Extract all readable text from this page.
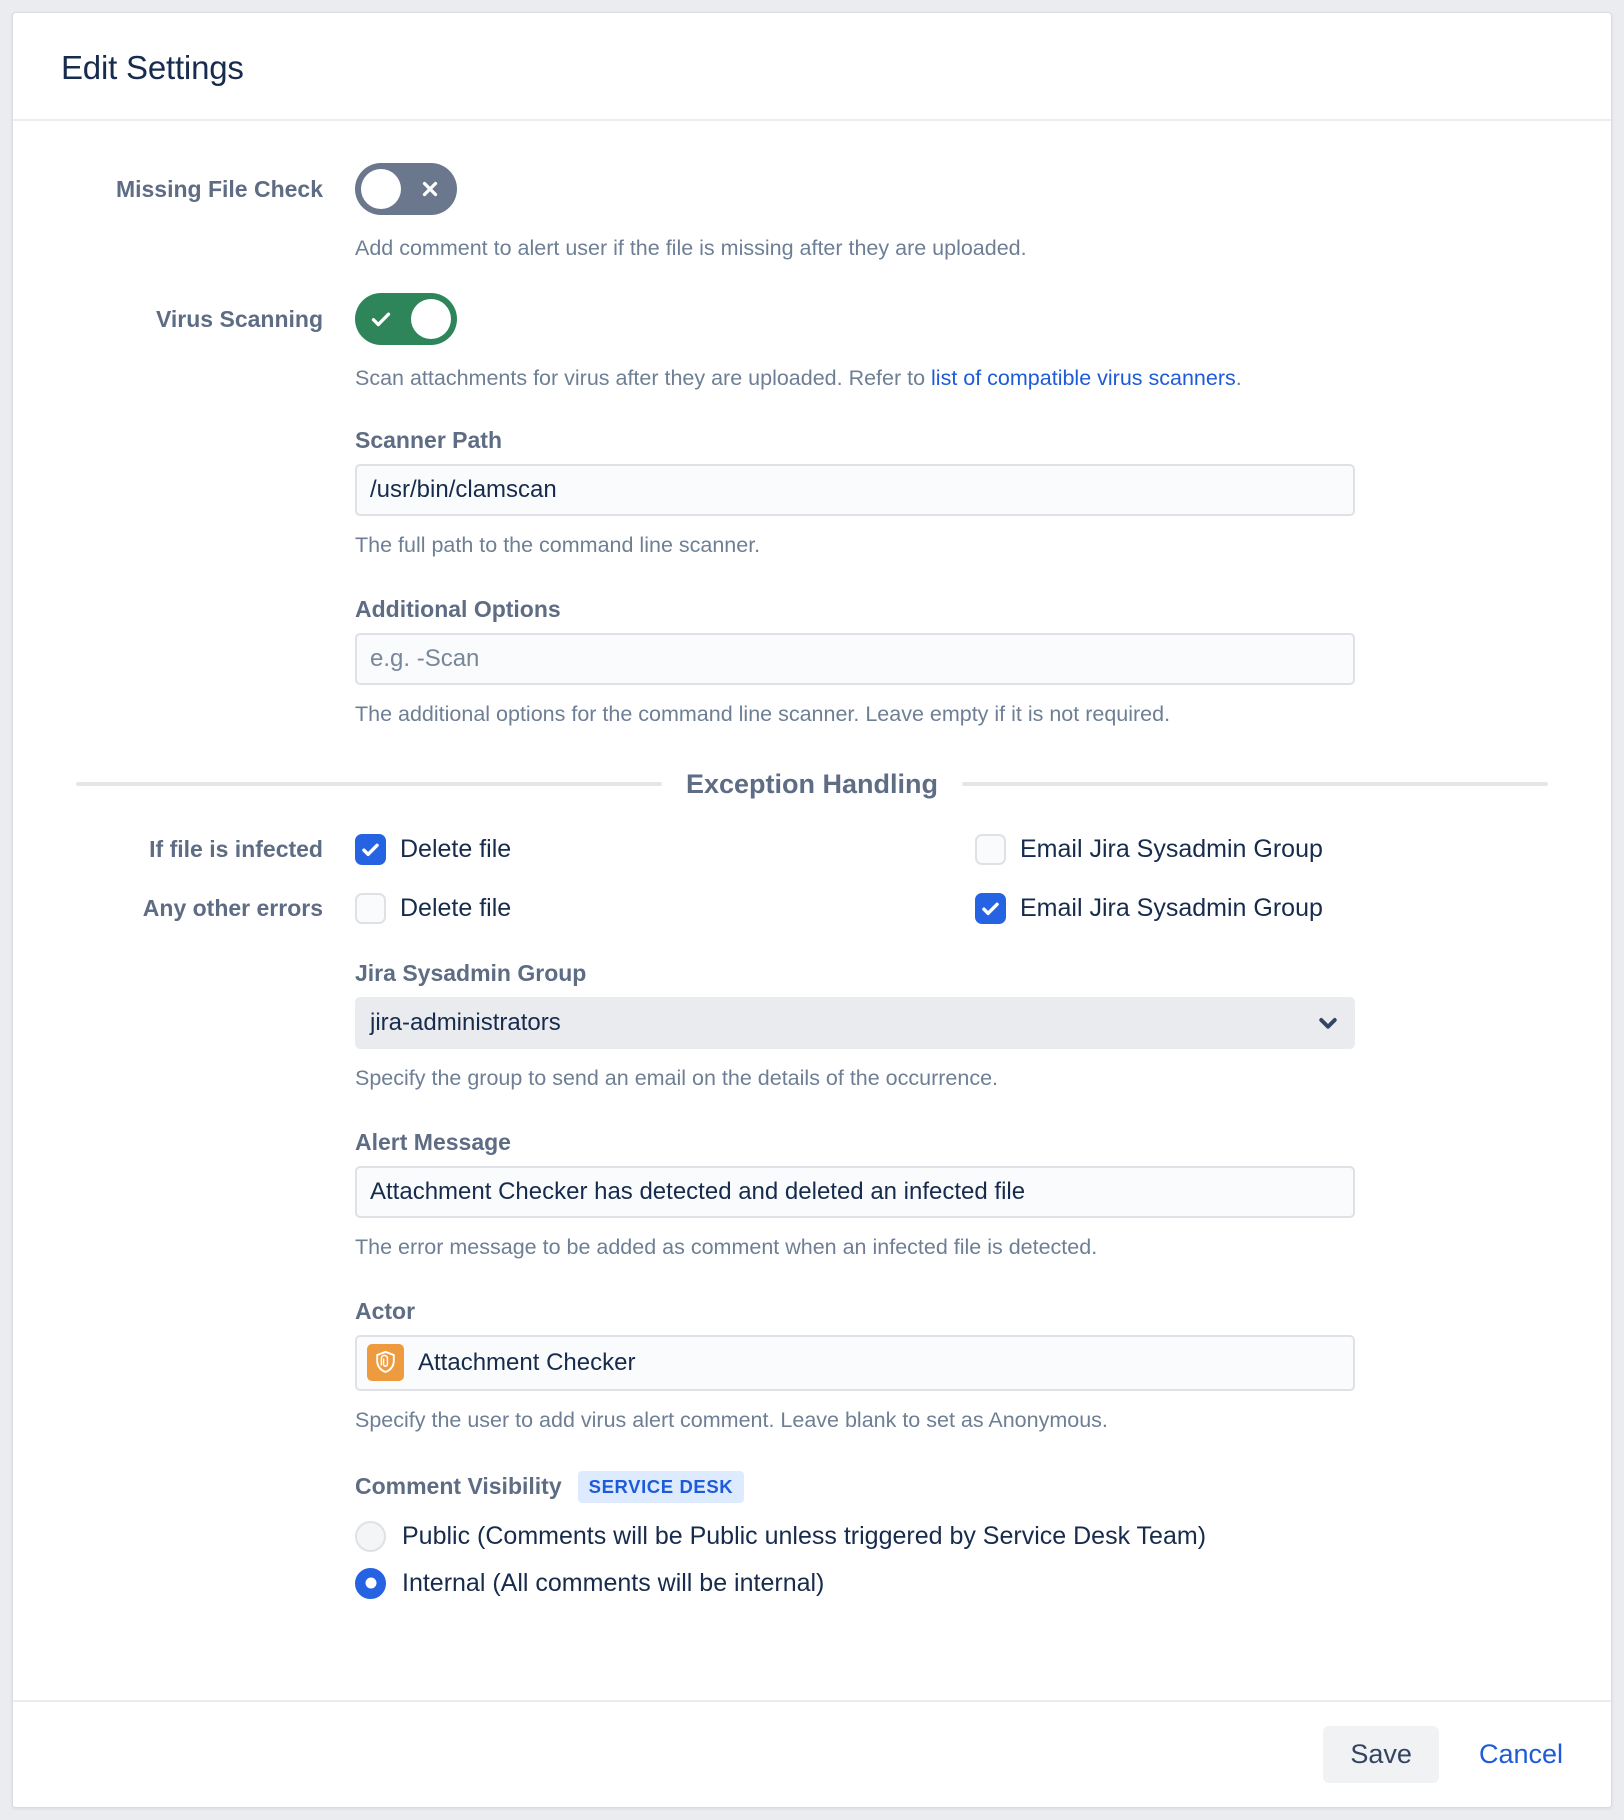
Edit Settings
Missing File Check
Add comment to alert user if the file is missing after they are uploaded.
Virus Scanning
Scan attachments for virus after they are uploaded. Refer to list of compatible virus scanners.
Scanner Path
/usr/bin/clamscan
The full path to the command line scanner.
Additional Options
e.g. -Scan
The additional options for the command line scanner. Leave empty if it is not required.
Exception Handling
If file is infected	Delete file	Email Jira Sysadmin Group
Any other errors	Delete file	Email Jira Sysadmin Group
Jira Sysadmin Group
jira-administrators
Specify the group to send an email on the details of the occurrence.
Alert Message
Attachment Checker has detected and deleted an infected file
The error message to be added as comment when an infected file is detected.
Actor
Attachment Checker
Specify the user to add virus alert comment. Leave blank to set as Anonymous.
Comment Visibility	SERVICE DESK
Public (Comments will be Public unless triggered by Service Desk Team)
Internal (All comments will be internal)
Save	Cancel
